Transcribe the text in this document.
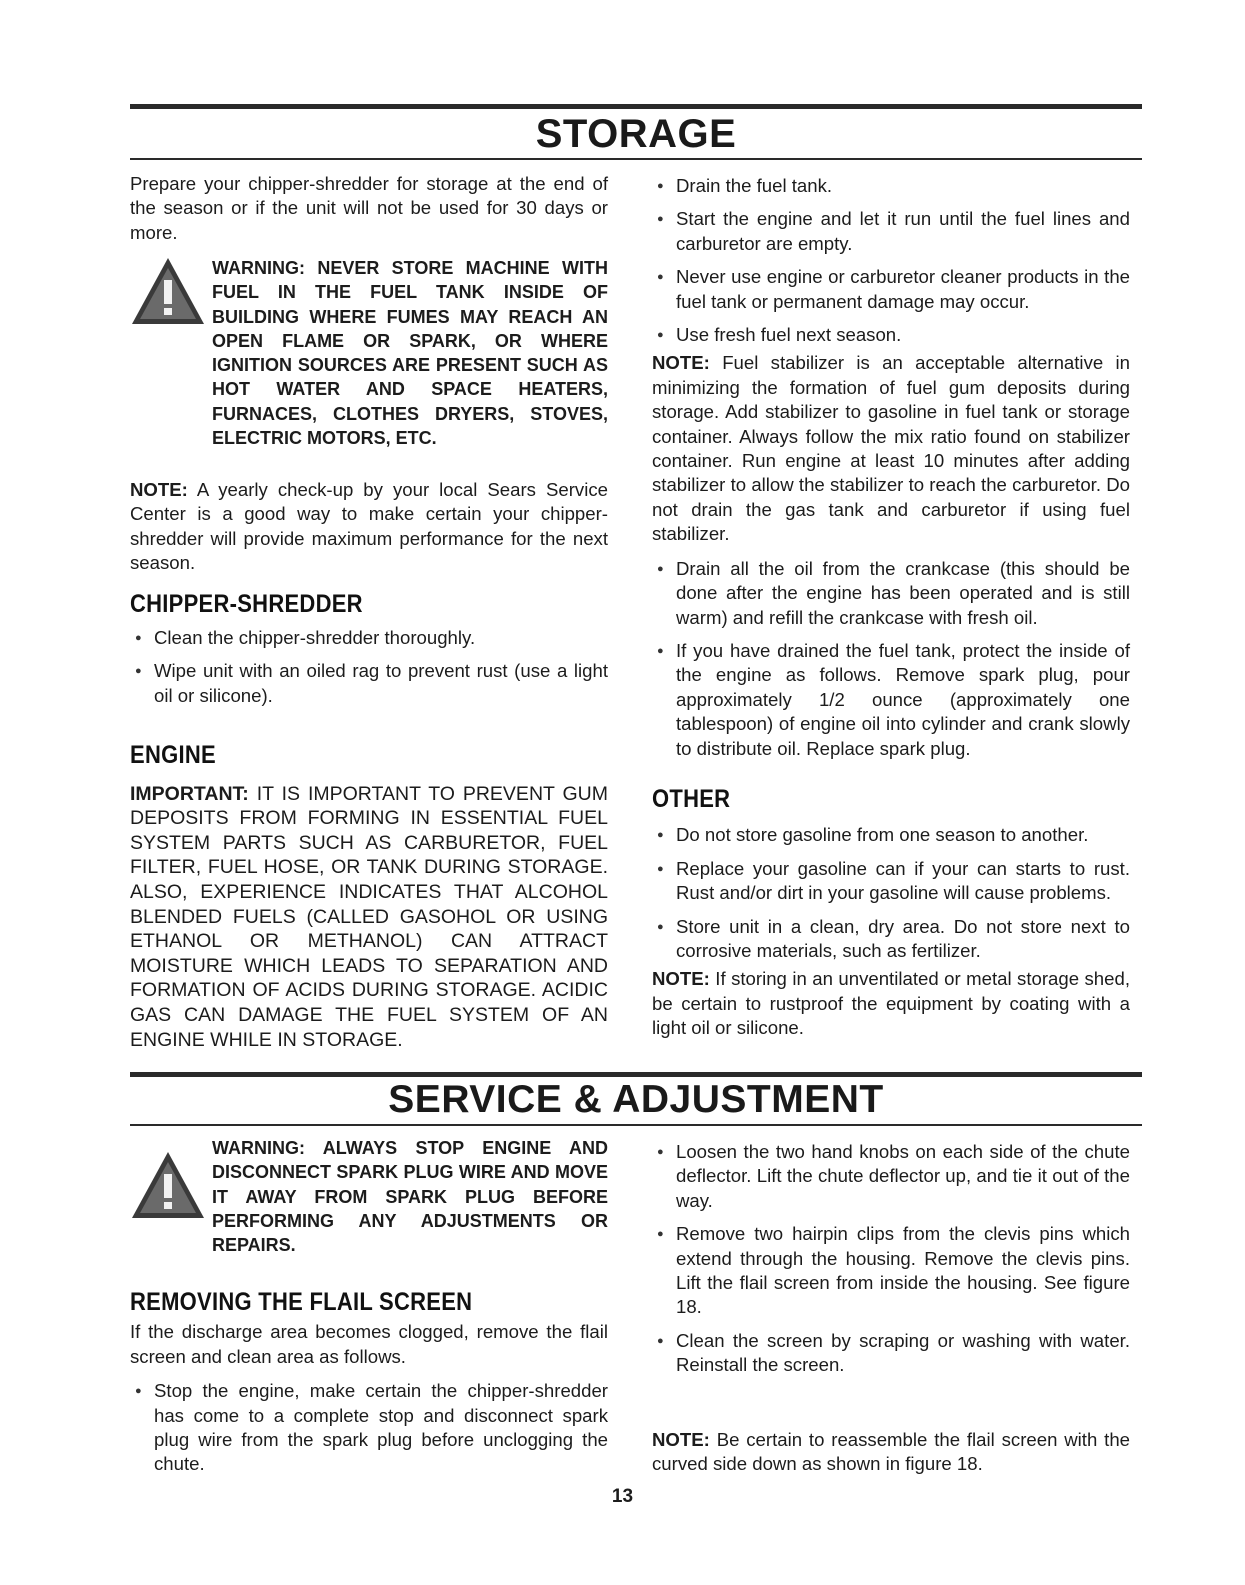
STORAGE

Prepare your chipper-shredder for storage at the end of the season or if the unit will not be used for 30 days or more.

WARNING: NEVER STORE MACHINE WITH FUEL IN THE FUEL TANK INSIDE OF BUILDING WHERE FUMES MAY REACH AN OPEN FLAME OR SPARK, OR WHERE IGNITION SOURCES ARE PRESENT SUCH AS HOT WATER AND SPACE HEATERS, FURNACES, CLOTHES DRYERS, STOVES, ELECTRIC MOTORS, ETC.

NOTE: A yearly check-up by your local Sears Service Center is a good way to make certain your chipper-shredder will provide maximum performance for the next season.

CHIPPER-SHREDDER

● Clean the chipper-shredder thoroughly.

● Wipe unit with an oiled rag to prevent rust (use a light oil or silicone).

ENGINE

IMPORTANT: IT IS IMPORTANT TO PREVENT GUM DEPOSITS FROM FORMING IN ESSENTIAL FUEL SYSTEM PARTS SUCH AS CARBURETOR, FUEL FILTER, FUEL HOSE, OR TANK DURING STORAGE. ALSO, EXPERIENCE INDICATES THAT ALCOHOL BLENDED FUELS (CALLED GASOHOL OR USING ETHANOL OR METHANOL) CAN ATTRACT MOISTURE WHICH LEADS TO SEPARATION AND FORMATION OF ACIDS DURING STORAGE. ACIDIC GAS CAN DAMAGE THE FUEL SYSTEM OF AN ENGINE WHILE IN STORAGE.

● Drain the fuel tank.

● Start the engine and let it run until the fuel lines and carburetor are empty.

● Never use engine or carburetor cleaner products in the fuel tank or permanent damage may occur.

● Use fresh fuel next season.

NOTE: Fuel stabilizer is an acceptable alternative in minimizing the formation of fuel gum deposits during storage. Add stabilizer to gasoline in fuel tank or storage container. Always follow the mix ratio found on stabilizer container. Run engine at least 10 minutes after adding stabilizer to allow the stabilizer to reach the carburetor. Do not drain the gas tank and carburetor if using fuel stabilizer.

● Drain all the oil from the crankcase (this should be done after the engine has been operated and is still warm) and refill the crankcase with fresh oil.

● If you have drained the fuel tank, protect the inside of the engine as follows. Remove spark plug, pour approximately 1/2 ounce (approximately one tablespoon) of engine oil into cylinder and crank slowly to distribute oil. Replace spark plug.

OTHER

● Do not store gasoline from one season to another.

● Replace your gasoline can if your can starts to rust. Rust and/or dirt in your gasoline will cause problems.

● Store unit in a clean, dry area. Do not store next to corrosive materials, such as fertilizer.

NOTE: If storing in an unventilated or metal storage shed, be certain to rustproof the equipment by coating with a light oil or silicone.

SERVICE & ADJUSTMENT

WARNING: ALWAYS STOP ENGINE AND DISCONNECT SPARK PLUG WIRE AND MOVE IT AWAY FROM SPARK PLUG BEFORE PERFORMING ANY ADJUSTMENTS OR REPAIRS.

REMOVING THE FLAIL SCREEN

If the discharge area becomes clogged, remove the flail screen and clean area as follows.

● Stop the engine, make certain the chipper-shredder has come to a complete stop and disconnect spark plug wire from the spark plug before unclogging the chute.

● Loosen the two hand knobs on each side of the chute deflector. Lift the chute deflector up, and tie it out of the way.

● Remove two hairpin clips from the clevis pins which extend through the housing. Remove the clevis pins. Lift the flail screen from inside the housing. See figure 18.

● Clean the screen by scraping or washing with water. Reinstall the screen.

NOTE: Be certain to reassemble the flail screen with the curved side down as shown in figure 18.

13
